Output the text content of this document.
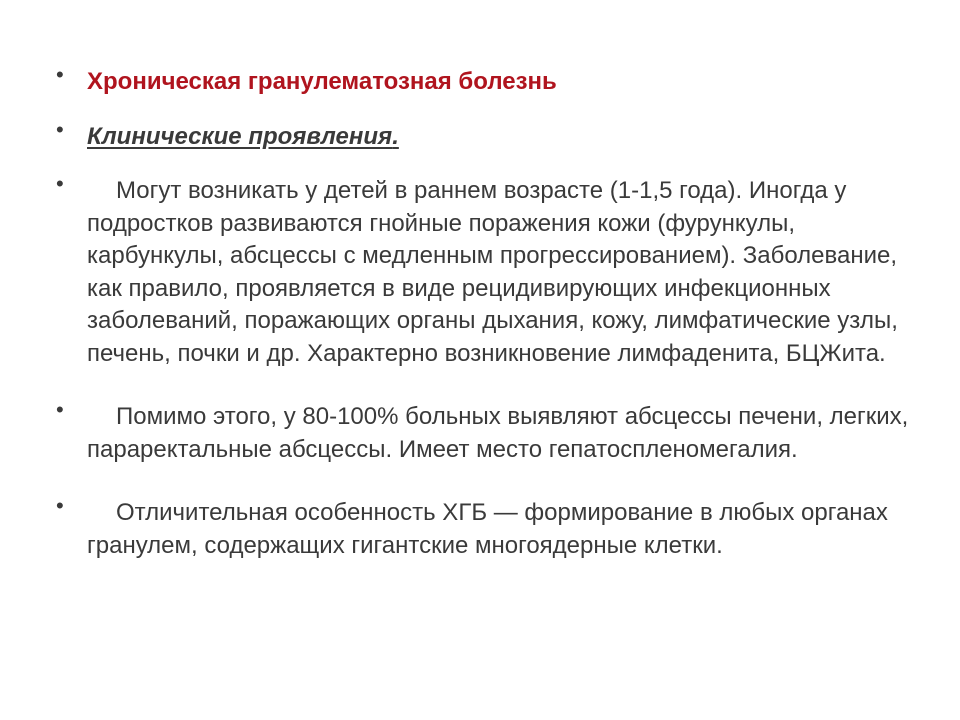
• Хроническая гранулематозная болезнь
• Клинические проявления.
•	Могут возникать у детей в раннем возрасте (1-1,5 года). Иногда у подростков развиваются гнойные поражения кожи (фурункулы, карбункулы, абсцессы с медленным прогрессированием). Заболевание, как правило, проявляется в виде рецидивирующих инфекционных заболеваний, поражающих органы дыхания, кожу, лимфатические узлы, печень, почки и др. Характерно возникновение лимфаденита, БЦЖита.
•	Помимо этого, у 80-100% больных выявляют абсцессы печени, легких, параректальные абсцессы. Имеет место гепатоспленомегалия.
•	Отличительная особенность ХГБ — формирование в любых органах гранулем, содержащих гигантские многоядерные клетки.
